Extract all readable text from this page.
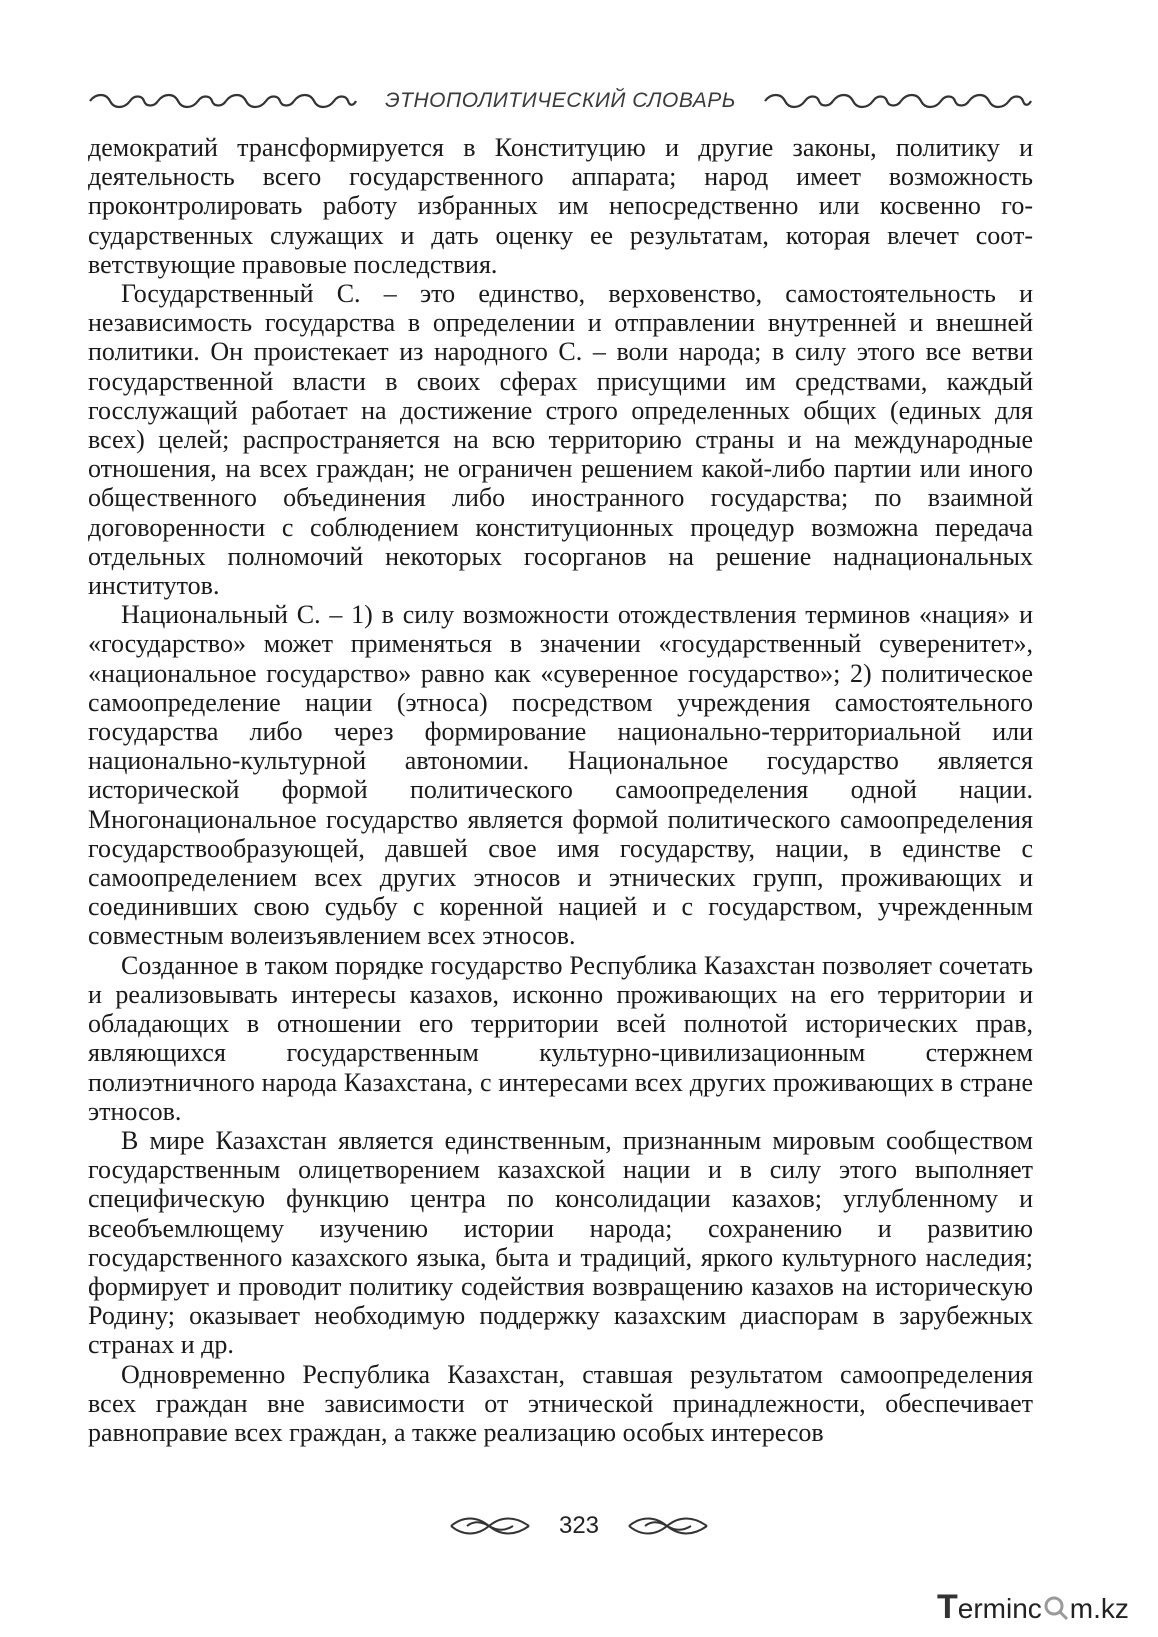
ЭТНОПОЛИТИЧЕСКИЙ СЛОВАРЬ

демократий трансформируется в Конституцию и другие законы, политику и деятельность всего государственного аппарата; народ имеет возможность проконтролировать работу избранных им непосредственно или косвенно государственных служащих и дать оценку ее результатам, которая влечет соответствующие правовые последствия.

Государственный С. – это единство, верховенство, самостоятельность и независимость государства в определении и отправлении внутренней и внешней политики. Он проистекает из народного С. – воли народа; в силу этого все ветви государственной власти в своих сферах присущими им средствами, каждый госслужащий работает на достижение строго определенных общих (единых для всех) целей; распространяется на всю территорию страны и на международные отношения, на всех граждан; не ограничен решением какой-либо партии или иного общественного объединения либо иностранного государства; по взаимной договоренности с соблюдением конституционных процедур возможна передача отдельных полномочий некоторых госорганов на решение наднациональных институтов.

Национальный С. – 1) в силу возможности отождествления терминов «нация» и «государство» может применяться в значении «государственный суверенитет», «национальное государство» равно как «суверенное государство»; 2) политическое самоопределение нации (этноса) посредством учреждения самостоятельного государства либо через формирование национально-территориальной или национально-культурной автономии. Национальное государство является исторической формой политического самоопределения одной нации. Многонациональное государство является формой политического самоопределения государствообразующей, давшей свое имя государству, нации, в единстве с самоопределением всех других этносов и этнических групп, проживающих и соединивших свою судьбу с коренной нацией и с государством, учрежденным совместным волеизъявлением всех этносов.

Созданное в таком порядке государство Республика Казахстан позволяет сочетать и реализовывать интересы казахов, исконно проживающих на его территории и обладающих в отношении его территории всей полнотой исторических прав, являющихся государственным культурно-цивилизационным стержнем полиэтничного народа Казахстана, с интересами всех других проживающих в стране этносов.

В мире Казахстан является единственным, признанным мировым сообществом государственным олицетворением казахской нации и в силу этого выполняет специфическую функцию центра по консолидации казахов; углубленному и всеобъемлющему изучению истории народа; сохранению и развитию государственного казахского языка, быта и традиций, яркого культурного наследия; формирует и проводит политику содействия возвращению казахов на историческую Родину; оказывает необходимую поддержку казахским диаспорам в зарубежных странах и др.

Одновременно Республика Казахстан, ставшая результатом самоопределения всех граждан вне зависимости от этнической принадлежности, обеспечивает равноправие всех граждан, а также реализацию особых интересов

323
T erminc m.kz
